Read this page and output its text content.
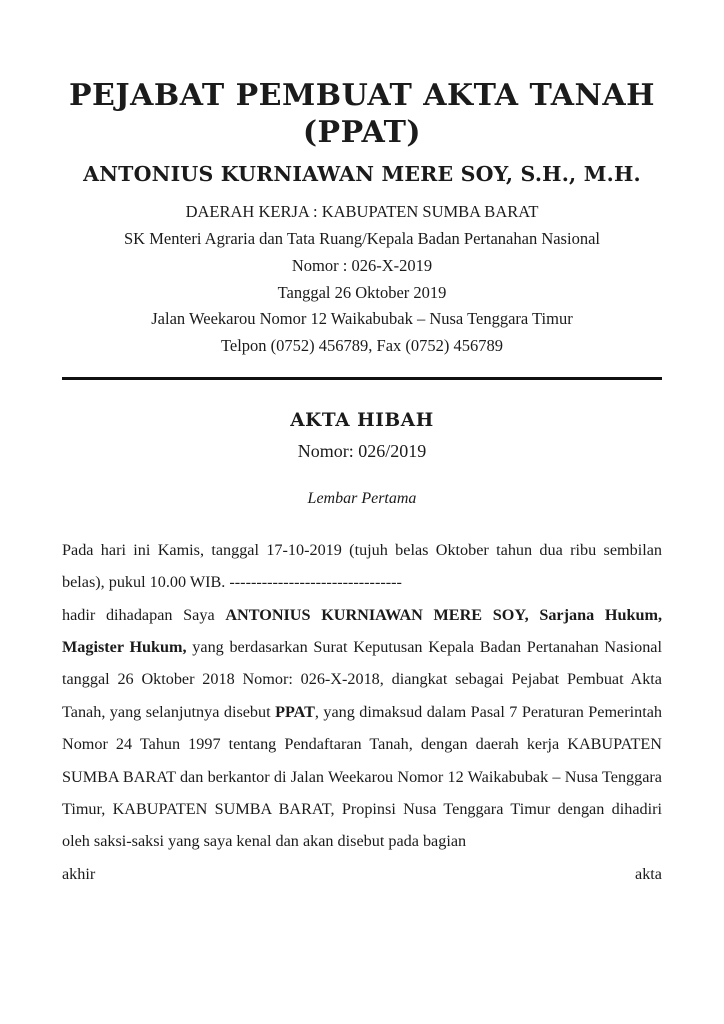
PEJABAT PEMBUAT AKTA TANAH
(PPAT)
ANTONIUS KURNIAWAN MERE SOY, S.H., M.H.
DAERAH KERJA : KABUPATEN SUMBA BARAT
SK Menteri Agraria dan Tata Ruang/Kepala Badan Pertanahan Nasional
Nomor : 026-X-2019
Tanggal 26 Oktober 2019
Jalan Weekarou Nomor 12 Waikabubak – Nusa Tenggara Timur
Telpon (0752) 456789, Fax (0752) 456789
AKTA HIBAH
Nomor: 026/2019
Lembar Pertama

Pada hari ini Kamis, tanggal 17-10-2019 (tujuh belas Oktober tahun dua ribu sembilan belas), pukul 10.00 WIB. --------------------------------

hadir dihadapan Saya ANTONIUS KURNIAWAN MERE SOY, Sarjana Hukum, Magister Hukum, yang berdasarkan Surat Keputusan Kepala Badan Pertanahan Nasional tanggal 26 Oktober 2018 Nomor: 026-X-2018, diangkat sebagai Pejabat Pembuat Akta Tanah, yang selanjutnya disebut PPAT, yang dimaksud dalam Pasal 7 Peraturan Pemerintah Nomor 24 Tahun 1997 tentang Pendaftaran Tanah, dengan daerah kerja KABUPATEN SUMBA BARAT dan berkantor di Jalan Weekarou Nomor 12 Waikabubak – Nusa Tenggara Timur, KABUPATEN SUMBA BARAT, Propinsi Nusa Tenggara Timur dengan dihadiri oleh saksi-saksi yang saya kenal dan akan disebut pada bagian

akhir	akta
